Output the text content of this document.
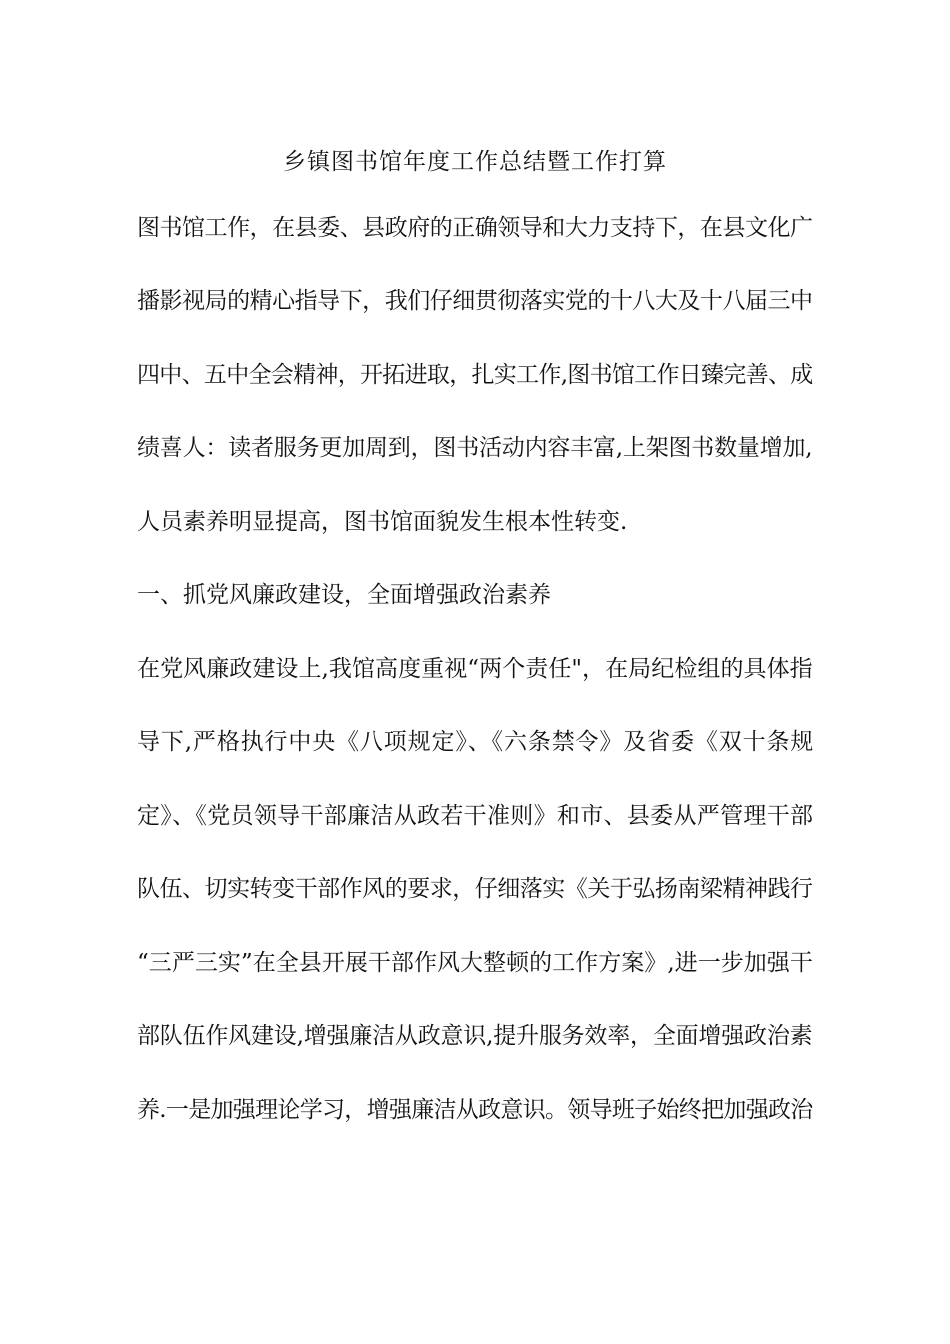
乡镇图书馆年度工作总结暨工作打算
图书馆工作，在县委、县政府的正确领导和大力支持下，在县文化广
播影视局的精心指导下，我们仔细贯彻落实党的十八大及十八届三中
四中、五中全会精神，开拓进取，扎实工作,图书馆工作日臻完善、成
绩喜人：读者服务更加周到，图书活动内容丰富,上架图书数量增加,
人员素养明显提高，图书馆面貌发生根本性转变.
一、抓党风廉政建设，全面增强政治素养
在党风廉政建设上,我馆高度重视“两个责任"，在局纪检组的具体指
导下,严格执行中央《八项规定》、《六条禁令》及省委《双十条规
定》、《党员领导干部廉洁从政若干准则》和市、县委从严管理干部
队伍、切实转变干部作风的要求，仔细落实《关于弘扬南梁精神践行
“三严三实”在全县开展干部作风大整顿的工作方案》,进一步加强干
部队伍作风建设,增强廉洁从政意识,提升服务效率，全面增强政治素
养.一是加强理论学习，增强廉洁从政意识。领导班子始终把加强政治
